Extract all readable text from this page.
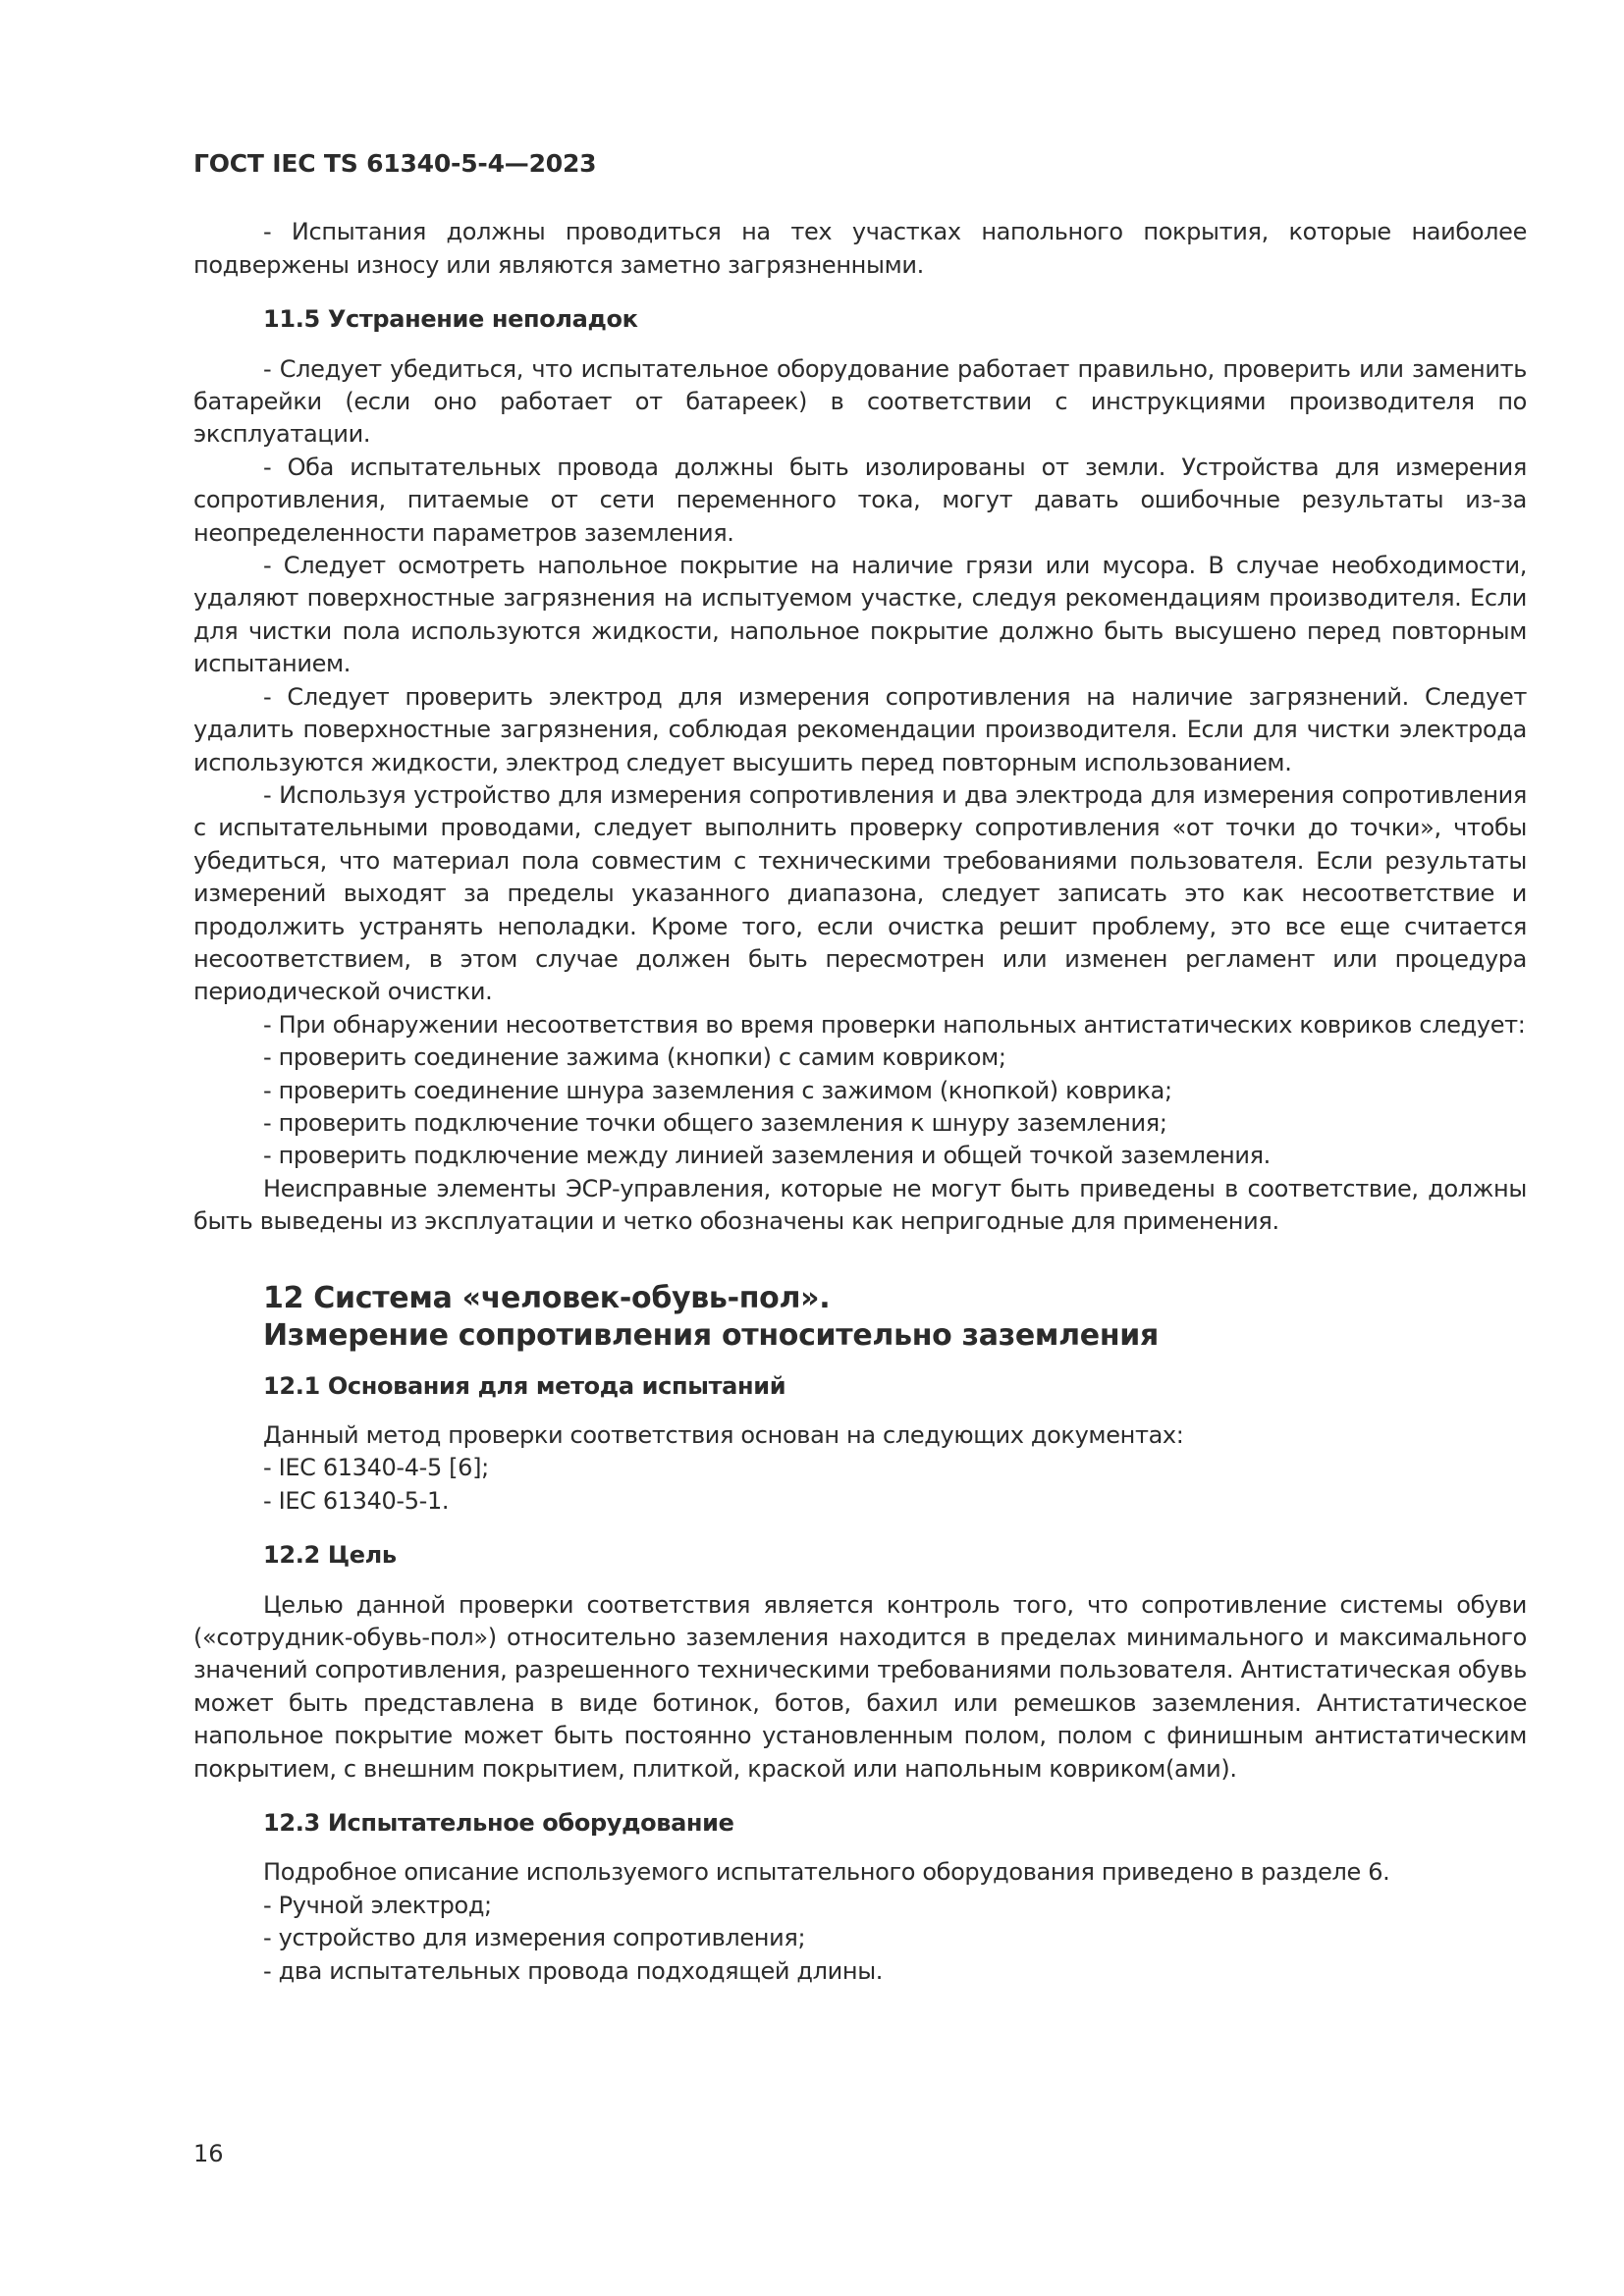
ГОСТ IEC TS 61340-5-4—2023

- Испытания должны проводиться на тех участках напольного покрытия, которые наиболее подвержены износу или являются заметно загрязненными.

11.5 Устранение неполадок

- Следует убедиться, что испытательное оборудование работает правильно, проверить или заменить батарейки (если оно работает от батареек) в соответствии с инструкциями производителя по эксплуатации.

- Оба испытательных провода должны быть изолированы от земли. Устройства для измерения сопротивления, питаемые от сети переменного тока, могут давать ошибочные результаты из-за неопределенности параметров заземления.

- Следует осмотреть напольное покрытие на наличие грязи или мусора. В случае необходимости, удаляют поверхностные загрязнения на испытуемом участке, следуя рекомендациям производителя. Если для чистки пола используются жидкости, напольное покрытие должно быть высушено перед повторным испытанием.

- Следует проверить электрод для измерения сопротивления на наличие загрязнений. Следует удалить поверхностные загрязнения, соблюдая рекомендации производителя. Если для чистки электрода используются жидкости, электрод следует высушить перед повторным использованием.

- Используя устройство для измерения сопротивления и два электрода для измерения сопротивления с испытательными проводами, следует выполнить проверку сопротивления «от точки до точки», чтобы убедиться, что материал пола совместим с техническими требованиями пользователя. Если результаты измерений выходят за пределы указанного диапазона, следует записать это как несоответствие и продолжить устранять неполадки. Кроме того, если очистка решит проблему, это все еще считается несоответствием, в этом случае должен быть пересмотрен или изменен регламент или процедура периодической очистки.

- При обнаружении несоответствия во время проверки напольных антистатических ковриков следует:

- проверить соединение зажима (кнопки) с самим ковриком;
- проверить соединение шнура заземления с зажимом (кнопкой) коврика;
- проверить подключение точки общего заземления к шнуру заземления;
- проверить подключение между линией заземления и общей точкой заземления.

Неисправные элементы ЭСР-управления, которые не могут быть приведены в соответствие, должны быть выведены из эксплуатации и четко обозначены как непригодные для применения.

12 Система «человек-обувь-пол».
Измерение сопротивления относительно заземления
12.1 Основания для метода испытаний

Данный метод проверки соответствия основан на следующих документах:

- IEC 61340-4-5 [6];
- IEC 61340-5-1.
12.2 Цель

Целью данной проверки соответствия является контроль того, что сопротивление системы обуви («сотрудник-обувь-пол») относительно заземления находится в пределах минимального и максимального значений сопротивления, разрешенного техническими требованиями пользователя. Антистатическая обувь может быть представлена в виде ботинок, ботов, бахил или ремешков заземления. Антистатическое напольное покрытие может быть постоянно установленным полом, полом с финишным антистатическим покрытием, с внешним покрытием, плиткой, краской или напольным ковриком(ами).

12.3 Испытательное оборудование

Подробное описание используемого испытательного оборудования приведено в разделе 6.

- Ручной электрод;
- устройство для измерения сопротивления;
- два испытательных провода подходящей длины.
16
